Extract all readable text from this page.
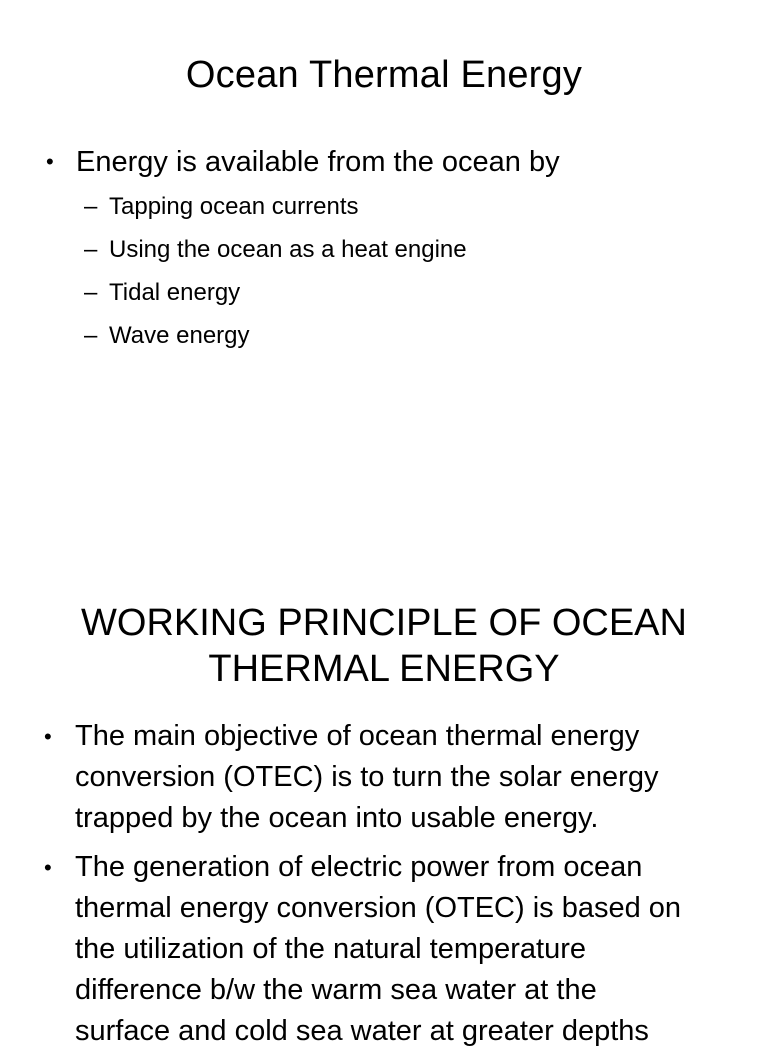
Ocean Thermal Energy
• Energy is available from the ocean by
– Tapping ocean currents
– Using the ocean as a heat engine
– Tidal energy
– Wave energy
WORKING PRINCIPLE OF OCEAN
THERMAL ENERGY
• The main objective of ocean thermal energy
conversion (OTEC) is to turn the solar energy
trapped by the ocean into usable energy.
• The generation of electric power from ocean
thermal energy conversion (OTEC) is based on
the utilization of the natural temperature
difference b/w the warm sea water at the
surface and cold sea water at greater depths
